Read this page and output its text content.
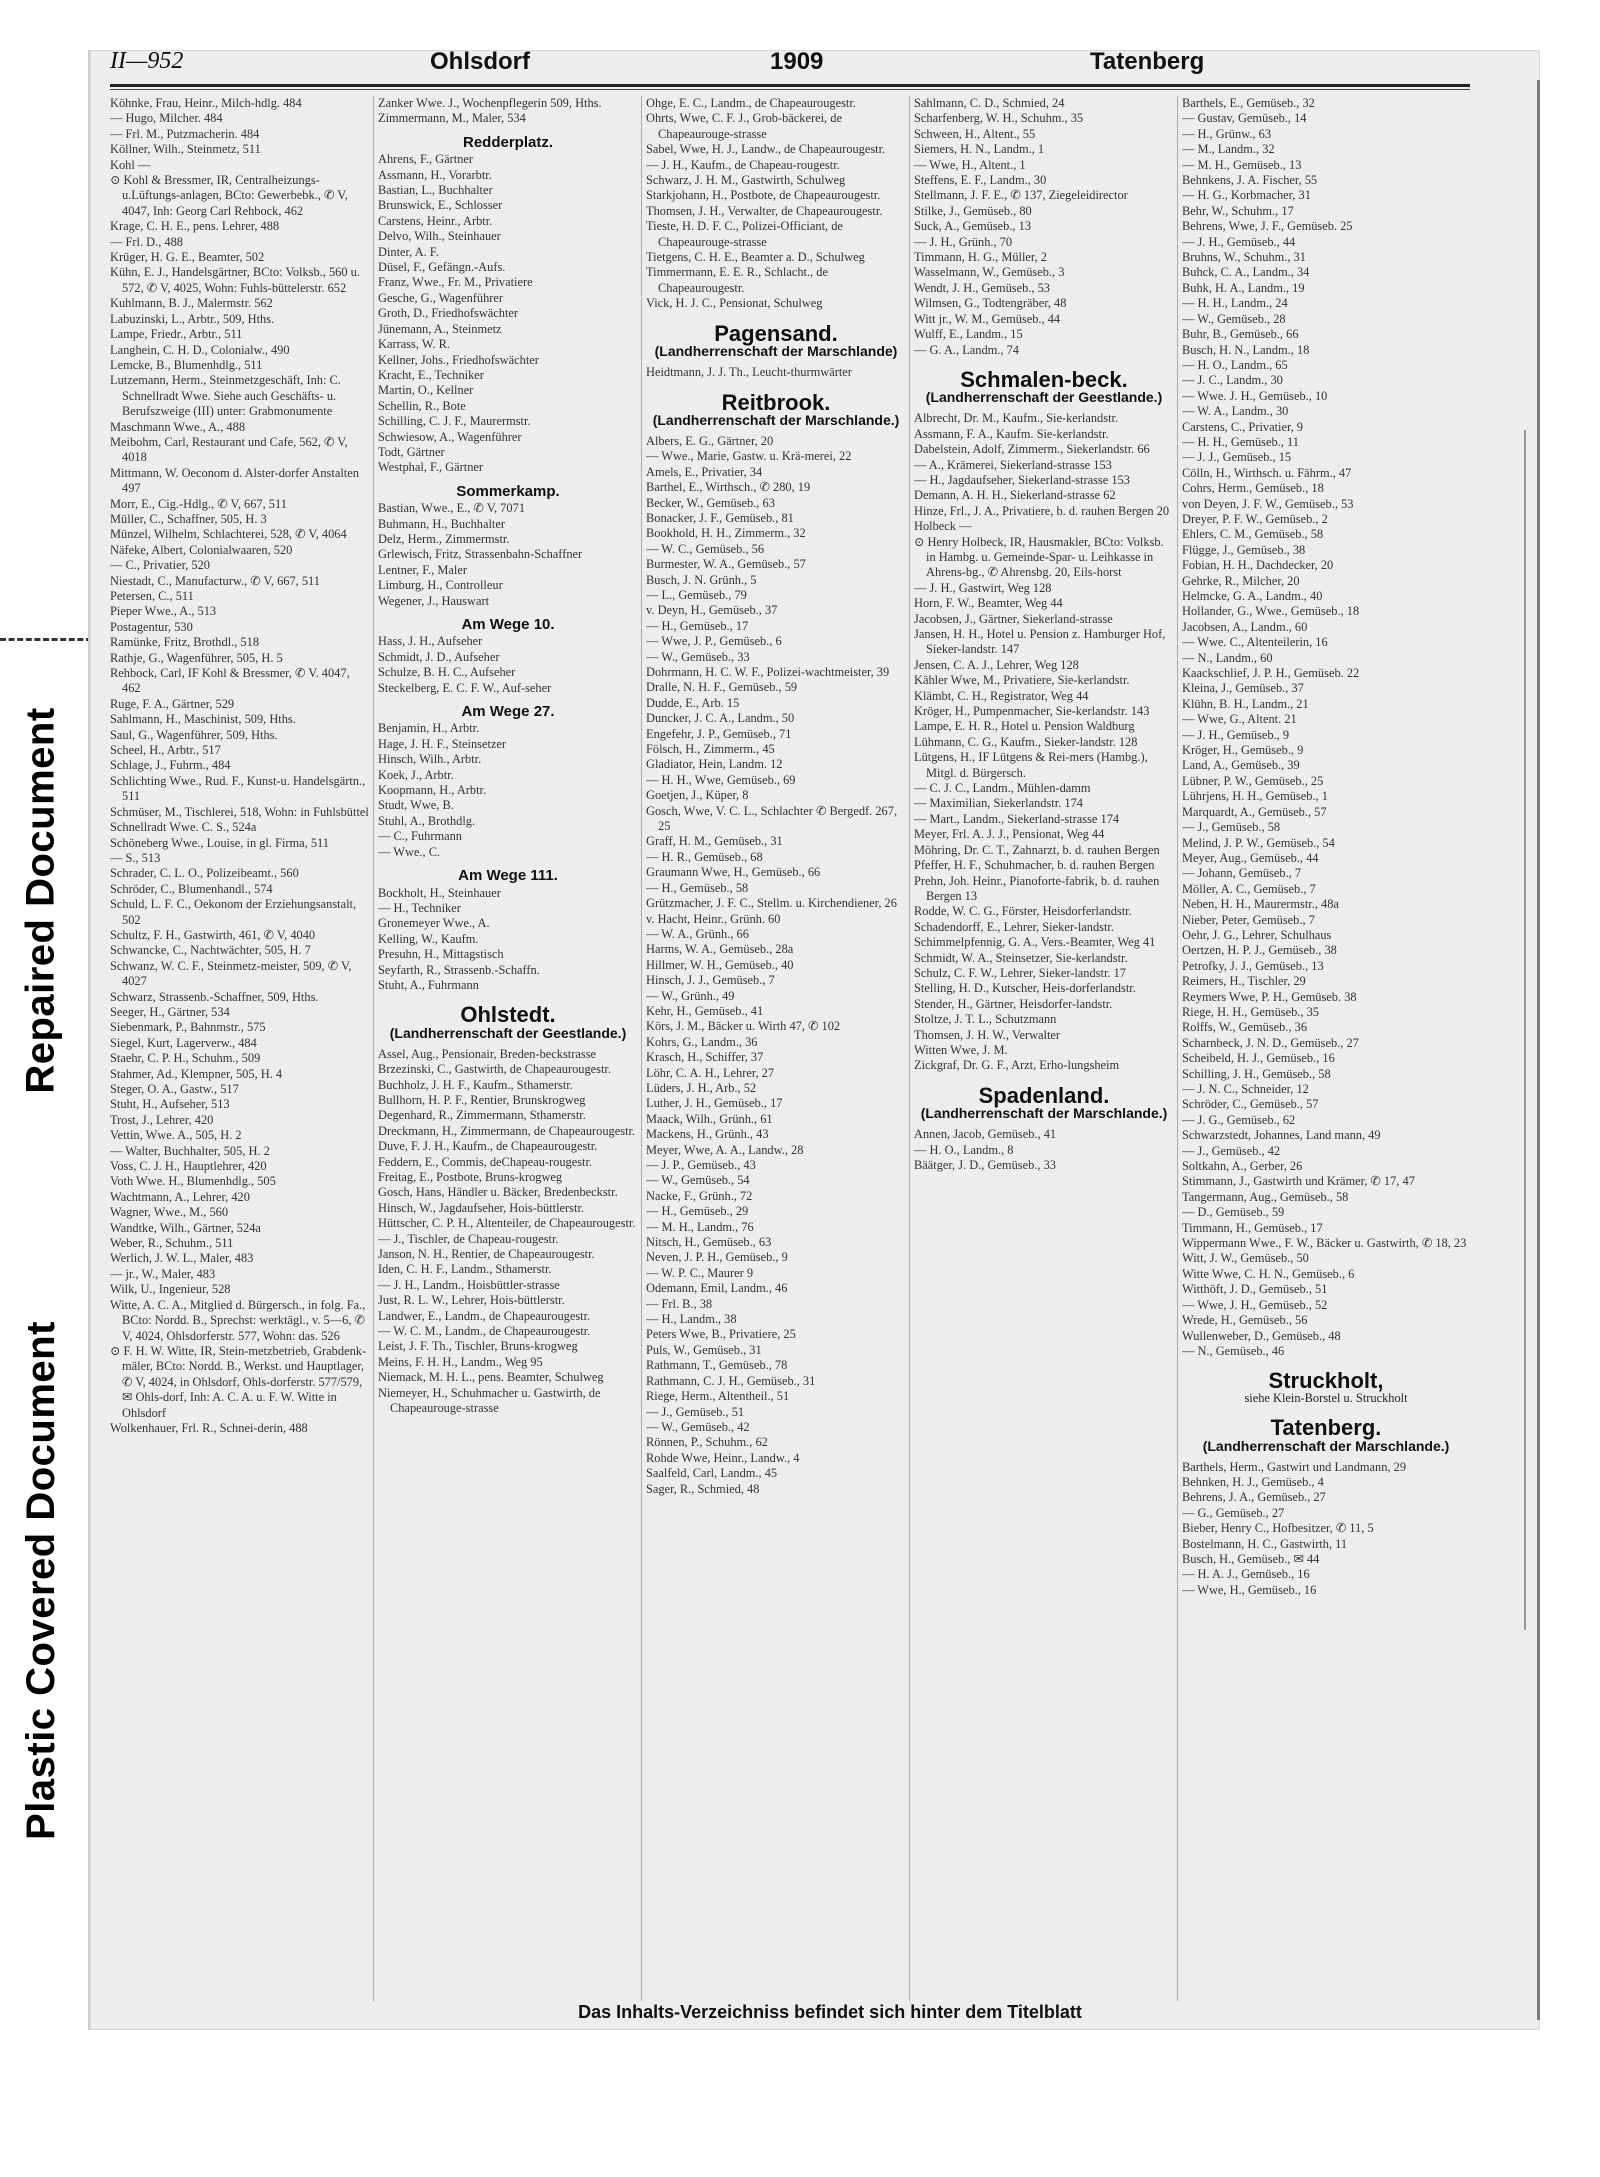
Repaired Document
Plastic Covered Document
II—952	Ohlsdorf	1909	Tatenberg
Köhnke, Frau, Heinr., Milch-hdlg. 484
— Hugo, Milcher. 484
— Frl. M., Putzmacherin. 484
Köllner, Wilh., Steinmetz, 511
Kohl —
⊙ Kohl & Bressmer, IR, Centralheizungs-u.Lüftungs-anlagen, BCto: Gewerbebk., ✆ V, 4047, Inh: Georg Carl Rehbock, 462
Krage, C. H. E., pens. Lehrer, 488
— Frl. D., 488
Krüger, H. G. E., Beamter, 502
Kühn, E. J., Handelsgärtner, BCto: Volksb., 560 u. 572, ✆ V, 4025, Wohn: Fuhls-büttelerstr. 652
Kuhlmann, B. J., Malermstr. 562
Labuzinski, L., Arbtr., 509, Hths.
Lampe, Friedr., Arbtr., 511
Langhein, C. H. D., Colonialw., 490
Lemcke, B., Blumenhdlg., 511
Lutzemann, Herm., Steinmetzgeschäft, Inh: C. Schnellradt Wwe. Siehe auch Geschäfts- u. Berufszweige (III) unter: Grabmonumente
Maschmann Wwe., A., 488
Meibohm, Carl, Restaurant und Cafe, 562, ✆ V, 4018
Mittmann, W. Oeconom d. Alster-dorfer Anstalten 497
Morr, E., Cig.-Hdlg., ✆ V, 667, 511
Müller, C., Schaffner, 505, H. 3
Münzel, Wilhelm, Schlachterei, 528, ✆ V, 4064
Näfeke, Albert, Colonialwaaren, 520
— C., Privatier, 520
Niestadt, C., Manufacturw., ✆ V, 667, 511
Petersen, C., 511
Pieper Wwe., A., 513
Postagentur, 530
Ramünke, Fritz, Brothdl., 518
Rathje, G., Wagenführer, 505, H. 5
Rehbock, Carl, IF Kohl & Bressmer, ✆ V. 4047, 462
Ruge, F. A., Gärtner, 529
Sahlmann, H., Maschinist, 509, Hths.
Saul, G., Wagenführer, 509, Hths.
Scheel, H., Arbtr., 517
Schlage, J., Fuhrm., 484
Schlichting Wwe., Rud. F., Kunst-u. Handelsgärtn., 511
Schmüser, M., Tischlerei, 518, Wohn: in Fuhlsbüttel
Schnellradt Wwe. C. S., 524a
Schöneberg Wwe., Louise, in gl. Firma, 511
— S., 513
Schrader, C. L. O., Polizeibeamt., 560
Schröder, C., Blumenhandl., 574
Schuld, L. F. C., Oekonom der Erziehungsanstalt, 502
Schultz, F. H., Gastwirth, 461, ✆ V, 4040
Schwancke, C., Nachtwächter, 505, H. 7
Schwanz, W. C. F., Steinmetz-meister, 509, ✆ V, 4027
Schwarz, Strassenb.-Schaffner, 509, Hths.
Seeger, H., Gärtner, 534
Siebenmark, P., Bahnmstr., 575
Siegel, Kurt, Lagerverw., 484
Staehr, C. P. H., Schuhm., 509
Stahmer, Ad., Klempner, 505, H. 4
Steger, O. A., Gastw., 517
Stuht, H., Aufseher, 513
Trost, J., Lehrer, 420
Vettin, Wwe. A., 505, H. 2
— Walter, Buchhalter, 505, H. 2
Voss, C. J. H., Hauptlehrer, 420
Voth Wwe. H., Blumenhdlg., 505
Wachtmann, A., Lehrer, 420
Wagner, Wwe., M., 560
Wandtke, Wilh., Gärtner, 524a
Weber, R., Schuhm., 511
Werlich, J. W. L., Maler, 483
— jr., W., Maler, 483
Wilk, U., Ingenieur, 528
Witte, A. C. A., Mitglied d. Bürgersch., in folg. Fa., BCto: Nordd. B., Sprechst: werktägl., v. 5—6, ✆ V, 4024, Ohlsdorferstr. 577, Wohn: das. 526
⊙ F. H. W. Witte, IR, Stein-metzbetrieb, Grabdenk-mäler, BCto: Nordd. B., Werkst. und Hauptlager, ✆ V, 4024, in Ohlsdorf, Ohls-dorferstr. 577/579, ✉ Ohls-dorf, Inh: A. C. A. u. F. W. Witte in Ohlsdorf
Wolkenhauer, Frl. R., Schnei-derin, 488
Zanker Wwe. J., Wochenpflegerin 509, Hths.
Zimmermann, M., Maler, 534
Redderplatz.
Ahrens, F., Gärtner
Assmann, H., Vorarbtr.
Bastian, L., Buchhalter
Brunswick, E., Schlosser
Carstens, Heinr., Arbtr.
Delvo, Wilh., Steinhauer
Dinter, A. F.
Düsel, F., Gefängn.-Aufs.
Franz, Wwe., Fr. M., Privatiere
Gesche, G., Wagenführer
Groth, D., Friedhofswächter
Jünemann, A., Steinmetz
Karrass, W. R.
Kellner, Johs., Friedhofswächter
Kracht, E., Techniker
Martin, O., Kellner
Schellin, R., Bote
Schilling, C. J. F., Maurermstr.
Schwiesow, A., Wagenführer
Todt, Gärtner
Westphal, F., Gärtner
Sommerkamp.
Bastian, Wwe., E., ✆ V, 7071
Buhmann, H., Buchhalter
Delz, Herm., Zimmermstr.
Grlewisch, Fritz, Strassenbahn-Schaffner
Lentner, F., Maler
Limburg, H., Controlleur
Wegener, J., Hauswart
Am Wege 10.
Hass, J. H., Aufseher
Schmidt, J. D., Aufseher
Schulze, B. H. C., Aufseher
Steckelberg, E. C. F. W., Auf-seher
Am Wege 27.
Benjamin, H., Arbtr.
Hage, J. H. F., Steinsetzer
Hinsch, Wilh., Arbtr.
Koek, J., Arbtr.
Koopmann, H., Arbtr.
Studt, Wwe, B.
Stuhl, A., Brothdlg.
— C., Fuhrmann
— Wwe., C.
Am Wege 111.
Bockholt, H., Steinhauer
— H., Techniker
Gronemeyer Wwe., A.
Kelling, W., Kaufm.
Presuhn, H., Mittagstisch
Seyfarth, R., Strassenb.-Schaffn.
Stuht, A., Fuhrmann
Ohlstedt.
(Landherrenschaft der Geestlande.)
Assel, Aug., Pensionair, Breden-beckstrasse
Brzezinski, C., Gastwirth, de Chapeaurougestr.
Buchholz, J. H. F., Kaufm., Sthamerstr.
Bullhorn, H. P. F., Rentier, Brunskrogweg
Degenhard, R., Zimmermann, Sthamerstr.
Dreckmann, H., Zimmermann, de Chapeaurougestr.
Duve, F. J. H., Kaufm., de Chapeaurougestr.
Feddern, E., Commis, deChapeau-rougestr.
Freitag, E., Postbote, Bruns-krogweg
Gosch, Hans, Händler u. Bäcker, Bredenbeckstr.
Hinsch, W., Jagdaufseher, Hois-büttlerstr.
Hüttscher, C. P. H., Altenteiler, de Chapeaurougestr.
— J., Tischler, de Chapeau-rougestr.
Janson, N. H., Rentier, de Chapeaurougestr.
Iden, C. H. F., Landm., Sthamerstr.
— J. H., Landm., Hoisbüttler-strasse
Just, R. L. W., Lehrer, Hois-büttlerstr.
Landwer, E., Landm., de Chapeaurougestr.
— W. C. M., Landm., de Chapeaurougestr.
Leist, J. F. Th., Tischler, Bruns-krogweg
Meins, F. H. H., Landm., Weg 95
Niemack, M. H. L., pens. Beamter, Schulweg
Niemeyer, H., Schuhmacher u. Gastwirth, de Chapeaurouge-strasse
Ohge, E. C., Landm., de Chapeaurougestr.
Ohrts, Wwe, C. F. J., Grob-bäckerei, de Chapeaurouge-strasse
Sabel, Wwe, H. J., Landw., de Chapeaurougestr.
— J. H., Kaufm., de Chapeau-rougestr.
Schwarz, J. H. M., Gastwirth, Schulweg
Starkjohann, H., Postbote, de Chapeaurougestr.
Thomsen, J. H., Verwalter, de Chapeaurougestr.
Tieste, H. D. F. C., Polizei-Officiant, de Chapeaurouge-strasse
Tietgens, C. H. E., Beamter a. D., Schulweg
Timmermann, E. E. R., Schlacht., de Chapeaurougestr.
Vick, H. J. C., Pensionat, Schulweg
Pagensand.
(Landherrenschaft der Marschlande)
Heidtmann, J. J. Th., Leucht-thurmwärter
Reitbrook.
(Landherrenschaft der Marschlande.)
Albers, E. G., Gärtner, 20
— Wwe., Marie, Gastw. u. Krä-merei, 22
Amels, E., Privatier, 34
Barthel, E., Wirthsch., ✆ 280, 19
Becker, W., Gemüseb., 63
Bonacker, J. F., Gemüseb., 81
Bookhold, H. H., Zimmerm., 32
— W. C., Gemüseb., 56
Burmester, W. A., Gemüseb., 57
Busch, J. N. Grünh., 5
— L., Gemüseb., 79
v. Deyn, H., Gemüseb., 37
— H., Gemüseb., 17
— Wwe, J. P., Gemüseb., 6
— W., Gemüseb., 33
Dohrmann, H. C. W. F., Polizei-wachtmeister, 39
Dralle, N. H. F., Gemüseb., 59
Dudde, E., Arb. 15
Duncker, J. C. A., Landm., 50
Engefehr, J. P., Gemüseb., 71
Fölsch, H., Zimmerm., 45
Gladiator, Hein, Landm. 12
— H. H., Wwe, Gemüseb., 69
Goetjen, J., Küper, 8
Gosch, Wwe, V. C. L., Schlachter ✆ Bergedf. 267, 25
Graff, H. M., Gemüseb., 31
— H. R., Gemüseb., 68
Graumann Wwe, H., Gemüseb., 66
— H., Gemüseb., 58
Grützmacher, J. F. C., Stellm. u. Kirchendiener, 26
v. Hacht, Heinr., Grünh. 60
— W. A., Grünh., 66
Harms, W. A., Gemüseb., 28a
Hillmer, W. H., Gemüseb., 40
Hinsch, J. J., Gemüseb., 7
— W., Grünh., 49
Kehr, H., Gemüseb., 41
Körs, J. M., Bäcker u. Wirth 47, ✆ 102
Kohrs, G., Landm., 36
Krasch, H., Schiffer, 37
Löhr, C. A. H., Lehrer, 27
Lüders, J. H., Arb., 52
Luther, J. H., Gemüseb., 17
Maack, Wilh., Grünh., 61
Mackens, H., Grünh., 43
Meyer, Wwe, A. A., Landw., 28
— J. P., Gemüseb., 43
— W., Gemüseb., 54
Nacke, F., Grünh., 72
— H., Gemüseb., 29
— M. H., Landm., 76
Nitsch, H., Gemüseb., 63
Neven, J. P. H., Gemüseb., 9
— W. P. C., Maurer 9
Odemann, Emil, Landm., 46
— Frl. B., 38
— H., Landm., 38
Peters Wwe, B., Privatiere, 25
Puls, W., Gemüseb., 31
Rathmann, T., Gemüseb., 78
Rathmann, C. J. H., Gemüseb., 31
Riege, Herm., Altentheil., 51
— J., Gemüseb., 51
— W., Gemüseb., 42
Rönnen, P., Schuhm., 62
Rohde Wwe, Heinr., Landw., 4
Saalfeld, Carl, Landm., 45
Sager, R., Schmied, 48
Sahlmann, C. D., Schmied, 24
Scharfenberg, W. H., Schuhm., 35
Schween, H., Altent., 55
Siemers, H. N., Landm., 1
— Wwe, H., Altent., 1
Steffens, E. F., Landm., 30
Stellmann, J. F. E., ✆ 137, Ziegeleidirector
Stilke, J., Gemüseb., 80
Suck, A., Gemüseb., 13
— J. H., Grünh., 70
Timmann, H. G., Müller, 2
Wasselmann, W., Gemüseb., 3
Wendt, J. H., Gemüseb., 53
Wilmsen, G., Todtengräber, 48
Witt jr., W. M., Gemüseb., 44
Wulff, E., Landm., 15
— G. A., Landm., 74
Schmalen-beck.
(Landherrenschaft der Geestlande.)
Albrecht, Dr. M., Kaufm., Sie-kerlandstr.
Assmann, F. A., Kaufm. Sie-kerlandstr.
Dabelstein, Adolf, Zimmerm., Siekerlandstr. 66
— A., Krämerei, Siekerland-strasse 153
— H., Jagdaufseher, Siekerland-strasse 153
Demann, A. H. H., Siekerland-strasse 62
Hinze, Frl., J. A., Privatiere, b. d. rauhen Bergen 20
Holbeck —
⊙ Henry Holbeck, IR, Hausmakler, BCto: Volksb. in Hambg. u. Gemeinde-Spar- u. Leihkasse in Ahrens-bg., ✆ Ahrensbg. 20, Eils-horst
— J. H., Gastwirt, Weg 128
Horn, F. W., Beamter, Weg 44
Jacobsen, J., Gärtner, Siekerland-strasse
Jansen, H. H., Hotel u. Pension z. Hamburger Hof, Sieker-landstr. 147
Jensen, C. A. J., Lehrer, Weg 128
Kähler Wwe, M., Privatiere, Sie-kerlandstr.
Klämbt, C. H., Registrator, Weg 44
Kröger, H., Pumpenmacher, Sie-kerlandstr. 143
Lampe, E. H. R., Hotel u. Pension Waldburg
Lühmann, C. G., Kaufm., Sieker-landstr. 128
Lütgens, H., IF Lütgens & Rei-mers (Hambg.), Mitgl. d. Bürgersch.
— C. J. C., Landm., Mühlen-damm
— Maximilian, Siekerlandstr. 174
— Mart., Landm., Siekerland-strasse 174
Meyer, Frl. A. J. J., Pensionat, Weg 44
Möhring, Dr. C. T., Zahnarzt, b. d. rauhen Bergen
Pfeffer, H. F., Schuhmacher, b. d. rauhen Bergen
Prehn, Joh. Heinr., Pianoforte-fabrik, b. d. rauhen Bergen 13
Rodde, W. C. G., Förster, Heisdorferlandstr.
Schadendorff, E., Lehrer, Sieker-landstr.
Schimmelpfennig, G. A., Vers.-Beamter, Weg 41
Schmidt, W. A., Steinsetzer, Sie-kerlandstr.
Schulz, C. F. W., Lehrer, Sieker-landstr. 17
Stelling, H. D., Kutscher, Heis-dorferlandstr.
Stender, H., Gärtner, Heisdorfer-landstr.
Stoltze, J. T. L., Schutzmann
Thomsen, J. H. W., Verwalter
Witten Wwe, J. M.
Zickgraf, Dr. G. F., Arzt, Erho-lungsheim
Spadenland.
(Landherrenschaft der Marschlande.)
Annen, Jacob, Gemüseb., 41
— H. O., Landm., 8
Bäätger, J. D., Gemüseb., 33
Barthels, E., Gemüseb., 32
— Gustav, Gemüseb., 14
— H., Grünw., 63
— M., Landm., 32
— M. H., Gemüseb., 13
Behnkens, J. A. Fischer, 55
— H. G., Korbmacher, 31
Behr, W., Schuhm., 17
Behrens, Wwe, J. F., Gemüseb. 25
— J. H., Gemüseb., 44
Bruhns, W., Schuhm., 31
Buhck, C. A., Landm., 34
Buhk, H. A., Landm., 19
— H. H., Landm., 24
— W., Gemüseb., 28
Buhr, B., Gemüseb., 66
Busch, H. N., Landm., 18
— H. O., Landm., 65
— J. C., Landm., 30
— Wwe. J. H., Gemüseb., 10
— W. A., Landm., 30
Carstens, C., Privatier, 9
— H. H., Gemüseb., 11
— J. J., Gemüseb., 15
Cölln, H., Wirthsch. u. Fährm., 47
Cohrs, Herm., Gemüseb., 18
von Deyen, J. F. W., Gemüseb., 53
Dreyer, P. F. W., Gemüseb., 2
Ehlers, C. M., Gemüseb., 58
Flügge, J., Gemüseb., 38
Fobian, H. H., Dachdecker, 20
Gehrke, R., Milcher, 20
Helmcke, G. A., Landm., 40
Hollander, G., Wwe., Gemüseb., 18
Jacobsen, A., Landm., 60
— Wwe. C., Altenteilerin, 16
— N., Landm., 60
Kaackschlief, J. P. H., Gemüseb. 22
Kleina, J., Gemüseb., 37
Klühn, B. H., Landm., 21
— Wwe, G., Altent. 21
— J. H., Gemüseb., 9
Kröger, H., Gemüseb., 9
Land, A., Gemüseb., 39
Lübner, P. W., Gemüseb., 25
Lührjens, H. H., Gemüseb., 1
Marquardt, A., Gemüseb., 57
— J., Gemüseb., 58
Melind, J. P. W., Gemüseb., 54
Meyer, Aug., Gemüseb., 44
— Johann, Gemüseb., 7
Möller, A. C., Gemüseb., 7
Neben, H. H., Maurermstr., 48a
Nieber, Peter, Gemüseb., 7
Oehr, J. G., Lehrer, Schulhaus
Oertzen, H. P. J., Gemüseb., 38
Petrofky, J. J., Gemüseb., 13
Reimers, H., Tischler, 29
Reymers Wwe, P. H., Gemüseb. 38
Riege, H. H., Gemüseb., 35
Rolffs, W., Gemüseb., 36
Scharnbeck, J. N. D., Gemüseb., 27
Scheibeld, H. J., Gemüseb., 16
Schilling, J. H., Gemüseb., 58
— J. N. C., Schneider, 12
Schröder, C., Gemüseb., 57
— J. G., Gemüseb., 62
Schwarzstedt, Johannes, Land mann, 49
— J., Gemüseb., 42
Soltkahn, A., Gerber, 26
Stimmann, J., Gastwirth und Krämer, ✆ 17, 47
Tangermann, Aug., Gemüseb., 58
— D., Gemüseb., 59
Timmann, H., Gemüseb., 17
Wippermann Wwe., F. W., Bäcker u. Gastwirth, ✆ 18, 23
Witt, J. W., Gemüseb., 50
Witte Wwe, C. H. N., Gemüseb., 6
Witthöft, J. D., Gemüseb., 51
— Wwe, J. H., Gemüseb., 52
Wrede, H., Gemüseb., 56
Wullenweber, D., Gemüseb., 48
— N., Gemüseb., 46
Struckholt,
siehe Klein-Borstel u. Struckholt
Tatenberg.
(Landherrenschaft der Marschlande.)
Barthels, Herm., Gastwirt und Landmann, 29
Behnken, H. J., Gemüseb., 4
Behrens, J. A., Gemüseb., 27
— G., Gemüseb., 27
Bieber, Henry C., Hofbesitzer, ✆ 11, 5
Bostelmann, H. C., Gastwirth, 11
Busch, H., Gemüseb., ✉ 44
— H. A. J., Gemüseb., 16
— Wwe, H., Gemüseb., 16
Das Inhalts-Verzeichniss befindet sich hinter dem Titelblatt
